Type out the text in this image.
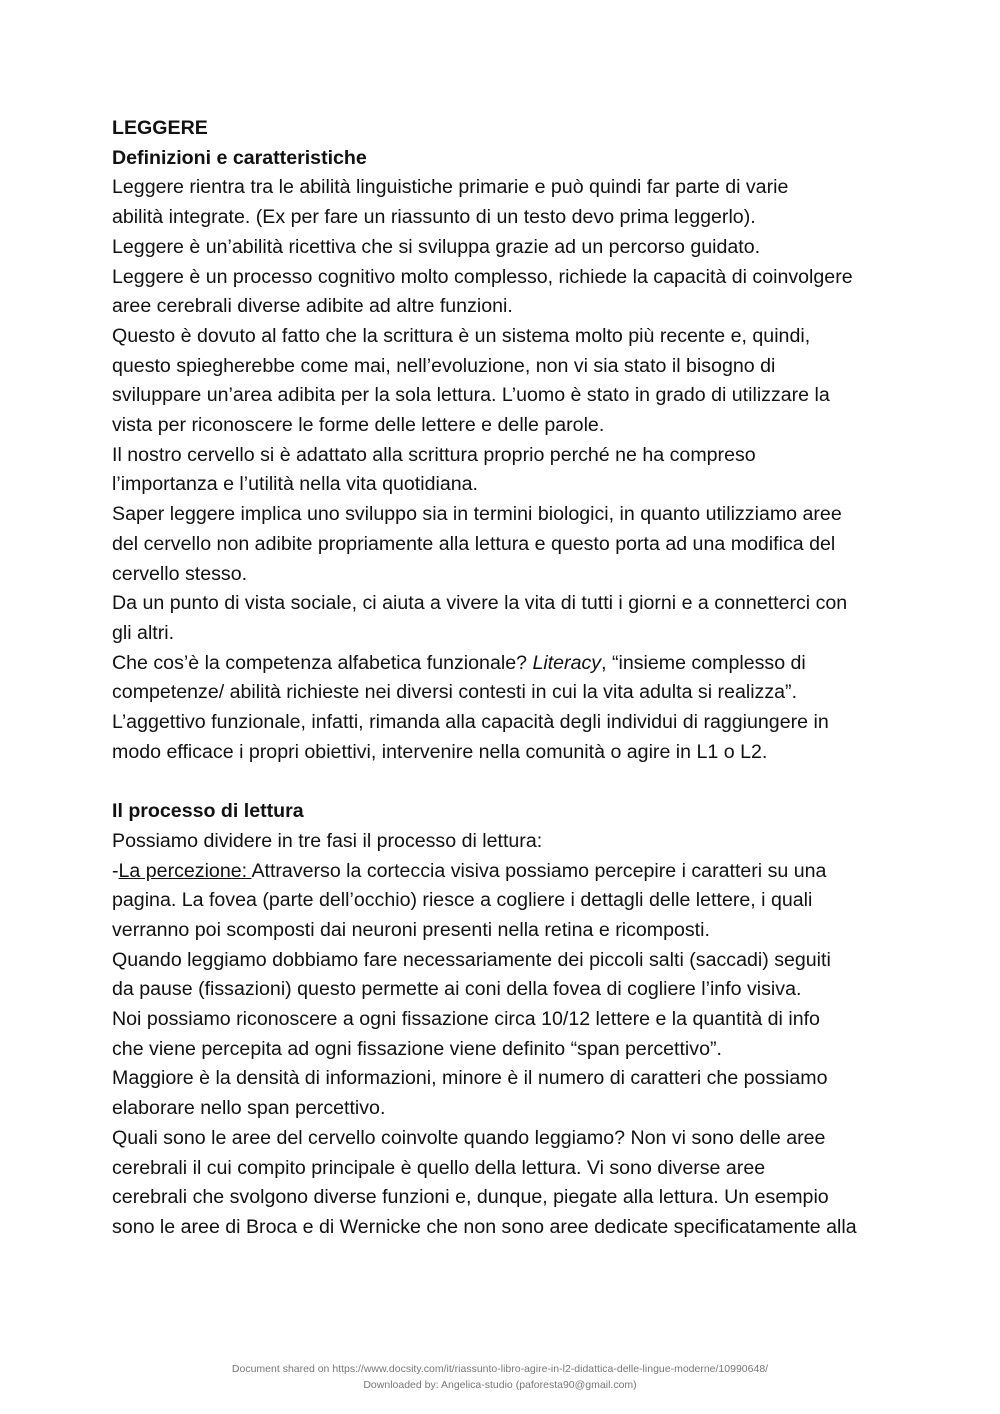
LEGGERE
Definizioni e caratteristiche
Leggere rientra tra le abilità linguistiche primarie e può quindi far parte di varie
abilità integrate. (Ex per fare un riassunto di un testo devo prima leggerlo).
Leggere è un’abilità ricettiva che si sviluppa grazie ad un percorso guidato.
Leggere è un processo cognitivo molto complesso, richiede la capacità di coinvolgere
aree cerebrali diverse adibite ad altre funzioni.
Questo è dovuto al fatto che la scrittura è un sistema molto più recente e, quindi,
questo spiegherebbe come mai, nell’evoluzione, non vi sia stato il bisogno di
sviluppare un’area adibita per la sola lettura. L’uomo è stato in grado di utilizzare la
vista per riconoscere le forme delle lettere e delle parole.
Il nostro cervello si è adattato alla scrittura proprio perché ne ha compreso
l’importanza e l’utilità nella vita quotidiana.
Saper leggere implica uno sviluppo sia in termini biologici, in quanto utilizziamo aree
del cervello non adibite propriamente alla lettura e questo porta ad una modifica del
cervello stesso.
Da un punto di vista sociale, ci aiuta a vivere la vita di tutti i giorni e a connetterci con
gli altri.
Che cos’è la competenza alfabetica funzionale? Literacy, “insieme complesso di
competenze/ abilità richieste nei diversi contesti in cui la vita adulta si realizza”.
L’aggettivo funzionale, infatti, rimanda alla capacità degli individui di raggiungere in
modo efficace i propri obiettivi, intervenire nella comunità o agire in L1 o L2.
Il processo di lettura
Possiamo dividere in tre fasi il processo di lettura:
-La percezione: Attraverso la corteccia visiva possiamo percepire i caratteri su una
pagina. La fovea (parte dell’occhio) riesce a cogliere i dettagli delle lettere, i quali
verranno poi scomposti dai neuroni presenti nella retina e ricomposti.
Quando leggiamo dobbiamo fare necessariamente dei piccoli salti (saccadi) seguiti
da pause (fissazioni) questo permette ai coni della fovea di cogliere l’info visiva.
Noi possiamo riconoscere a ogni fissazione circa 10/12 lettere e la quantità di info
che viene percepita ad ogni fissazione viene definito “span percettivo”.
Maggiore è la densità di informazioni, minore è il numero di caratteri che possiamo
elaborare nello span percettivo.
Quali sono le aree del cervello coinvolte quando leggiamo? Non vi sono delle aree
cerebrali il cui compito principale è quello della lettura. Vi sono diverse aree
cerebrali che svolgono diverse funzioni e, dunque, piegate alla lettura. Un esempio
sono le aree di Broca e di Wernicke che non sono aree dedicate specificatamente alla
Document shared on https://www.docsity.com/it/riassunto-libro-agire-in-l2-didattica-delle-lingue-moderne/10990648/
Downloaded by: Angelica-studio (paforesta90@gmail.com)
